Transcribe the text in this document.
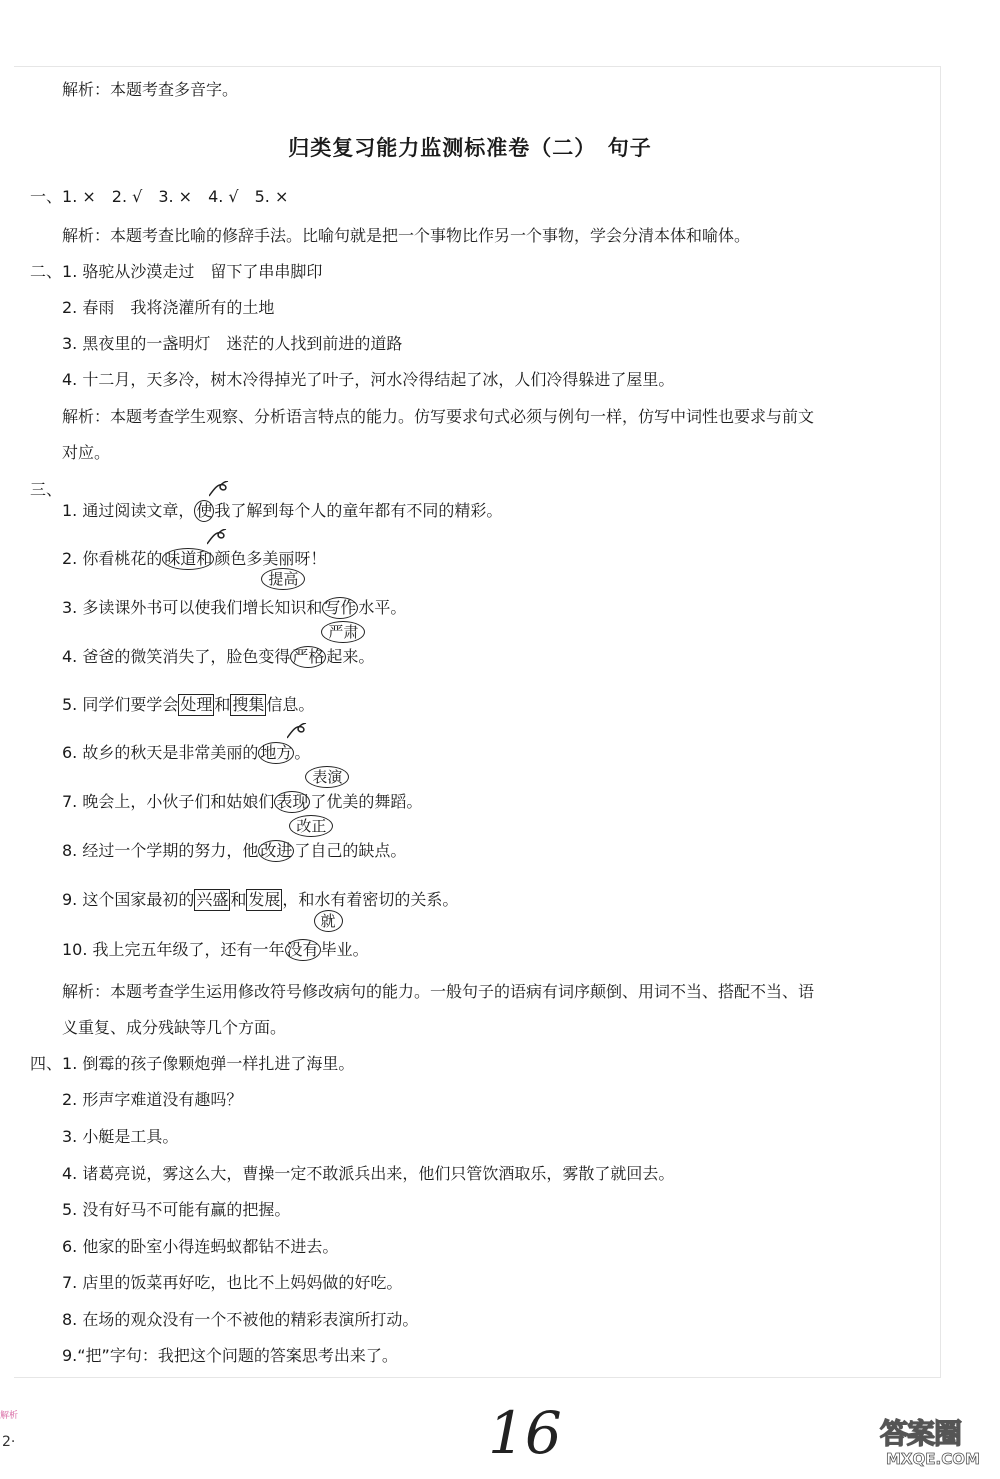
解析：本题考查多音字。
归类复习能力监测标准卷（二）　句子
一、1. ×　2. √　3. ×　4. √　5. ×
解析：本题考查比喻的修辞手法。比喻句就是把一个事物比作另一个事物，学会分清本体和喻体。
二、1. 骆驼从沙漠走过　留下了串串脚印
2. 春雨　我将浇灌所有的土地
3. 黑夜里的一盏明灯　迷茫的人找到前进的道路
4. 十二月，天多冷，树木冷得掉光了叶子，河水冷得结起了冰，人们冷得躲进了屋里。
解析：本题考查学生观察、分析语言特点的能力。仿写要求句式必须与例句一样，仿写中词性也要求与前文
对应。
三、
1. 通过阅读文章， 使 我了解到每个人的童年都有不同的精彩。
2. 你看桃花的 味道和 颜色多美丽呀！
3. 多读课外书可以使我们增长知识和 写作
提高
水平。
4. 爸爸的微笑消失了，脸色变得 严格
严肃
起来。
5. 同学们要学会 处理 和 搜集 信息。
6. 故乡的秋天是非常美丽的 地方 。
7. 晚会上，小伙子们和姑娘们 表现
表演
了优美的舞蹈。
8. 经过一个学期的努力，他 改进
改正
了自己的缺点。
9. 这个国家最初的 兴盛 和 发展 ，和水有着密切的关系。
10. 我上完五年级了，还有一年 没有
就
毕业。
解析：本题考查学生运用修改符号修改病句的能力。一般句子的语病有词序颠倒、用词不当、搭配不当、语
义重复、成分残缺等几个方面。
四、1. 倒霉的孩子像颗炮弹一样扎进了海里。
2. 形声字难道没有趣吗？
3. 小艇是工具。
4. 诸葛亮说，雾这么大，曹操一定不敢派兵出来，他们只管饮酒取乐，雾散了就回去。
5. 没有好马不可能有赢的把握。
6. 他家的卧室小得连蚂蚁都钻不进去。
7. 店里的饭菜再好吃，也比不上妈妈做的好吃。
8. 在场的观众没有一个不被他的精彩表演所打动。
9.“把”字句：我把这个问题的答案思考出来了。
解析
2·	16	答案圈
MXQE.COM
